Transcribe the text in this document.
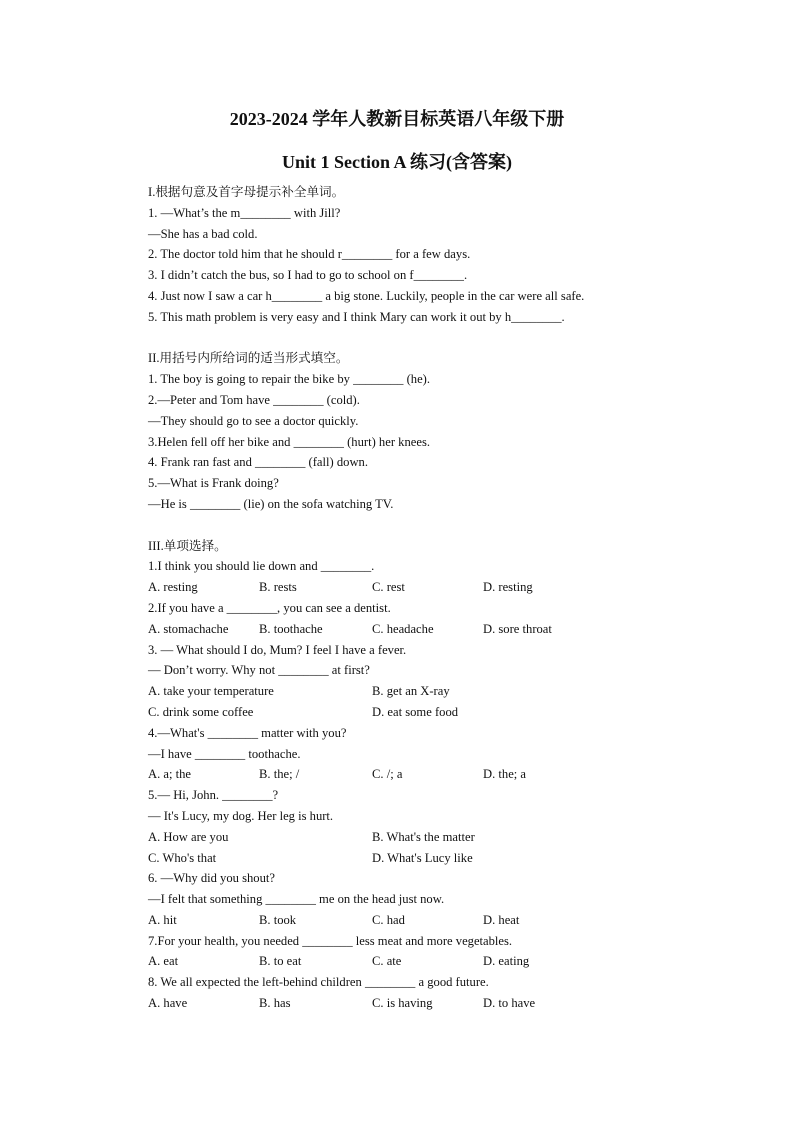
2023-2024 学年人教新目标英语八年级下册
Unit 1 Section A 练习(含答案)
I.根据句意及首字母提示补全单词。
1. —What’s the m________ with Jill?
—She has a bad cold.
2. The doctor told him that he should r________ for a few days.
3. I didn’t catch the bus, so I had to go to school on f________.
4. Just now I saw a car h________ a big stone. Luckily, people in the car were all safe.
5. This math problem is very easy and I think Mary can work it out by h________.
II.用括号内所给词的适当形式填空。
1. The boy is going to repair the bike by ________ (he).
2.—Peter and Tom have ________ (cold).
—They should go to see a doctor quickly.
3.Helen fell off her bike and ________ (hurt) her knees.
4. Frank ran fast and ________ (fall) down.
5.—What is Frank doing?
—He is ________ (lie) on the sofa watching TV.
III.单项选择。
1.I think you should lie down and ________.
A. resting	B. rests	C. rest	D. resting
2.If you have a ________, you can see a dentist.
A. stomachache B. toothache	C. headache	D. sore throat
3. — What should I do, Mum? I feel I have a fever.
— Don’t worry. Why not ________ at first?
A. take your temperature	B. get an X-ray
C. drink some coffee	D. eat some food
4.—What's ________ matter with you?
—I have ________ toothache.
A. a; the	B. the; /	C. /; a	D. the; a
5.— Hi, John. ________?
— It's Lucy, my dog. Her leg is hurt.
A. How are you	B. What's the matter
C. Who's that	D. What's Lucy like
6. —Why did you shout?
—I felt that something ________ me on the head just now.
A. hit	B. took	C. had	D. heat
7.For your health, you needed ________ less meat and more vegetables.
A. eat	B. to eat	C. ate	D. eating
8. We all expected the left-behind children ________ a good future.
A. have	B. has	C. is having	D. to have
